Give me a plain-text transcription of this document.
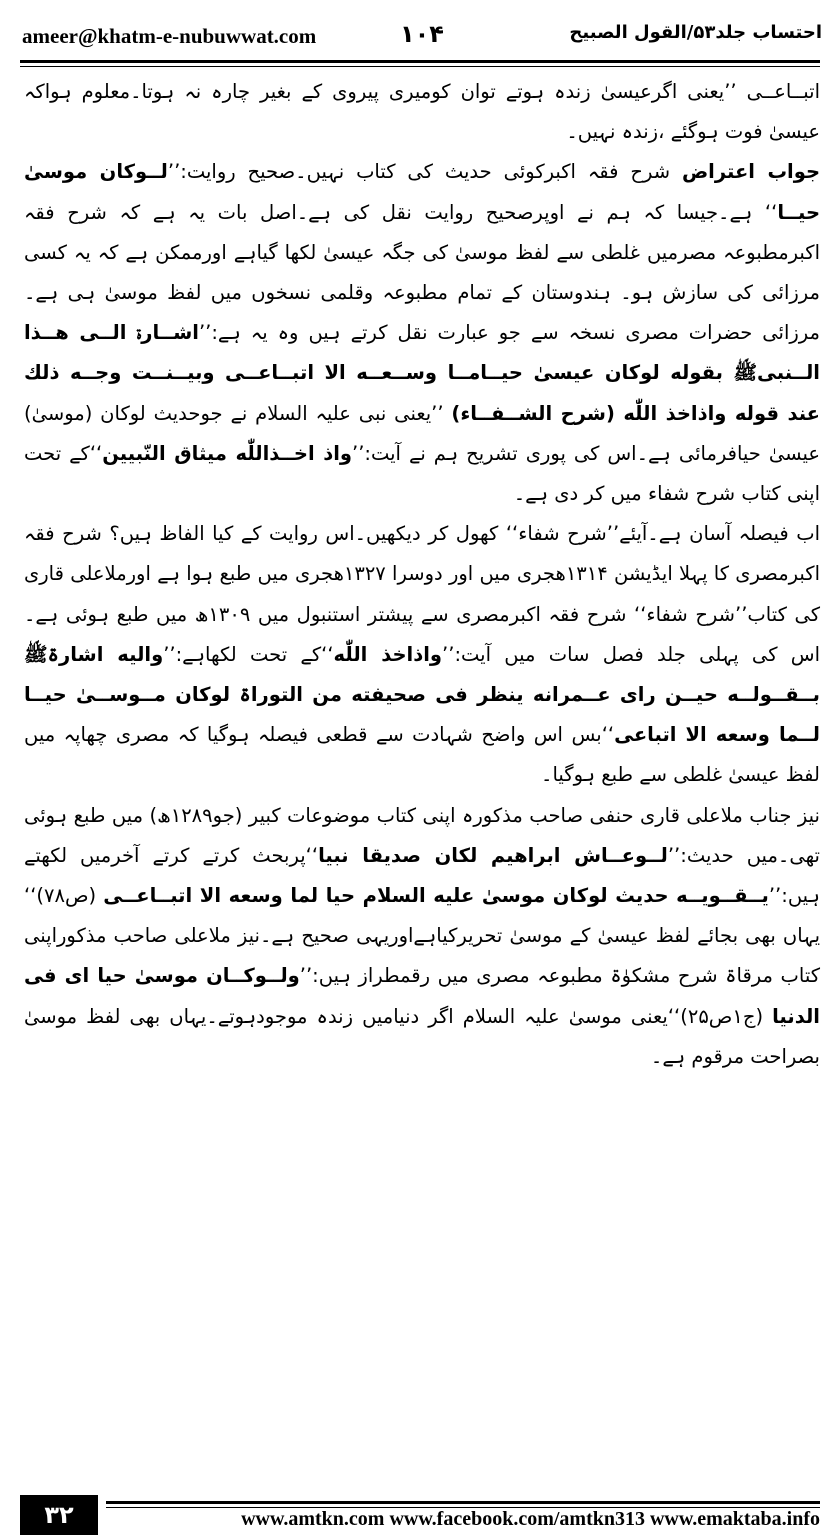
ameer@khatm-e-nubuwwat.com	۱۰۴	احتساب جلد۵۳/القول الصبیح

اتبــاعــی ’’یعنی اگرعیسیٰ زندہ ہوتے توان کومیری پیروی کے بغیر چارہ نہ ہوتا۔معلوم ہواکہ عیسیٰ فوت ہوگئے ،زندہ نہیں۔

جواب اعتراض شرح فقہ اکبرکوئی حدیث کی کتاب نہیں۔صحیح روایت:’’لــوکان موسیٰ حیــا‘‘ ہے۔جیسا کہ ہم نے اوپرصحیح روایت نقل کی ہے۔اصل بات یہ ہے کہ شرح فقہ اکبرمطبوعہ مصرمیں غلطی سے لفظ موسیٰ کی جگہ عیسیٰ لکھا گیاہے اورممکن ہے کہ یہ کسی مرزائی کی سازش ہو۔ ہندوستان کے تمام مطبوعہ وقلمی نسخوں میں لفظ موسیٰ ہی ہے۔مرزائی حضرات مصری نسخہ سے جو عبارت نقل کرتے ہیں وہ یہ ہے:’’اشــارۃ الــی هــذا الــنبیﷺ بقوله لوکان عیسیٰ حیــامــا وســعــه الا اتبــاعــی وبیــنــت وجــه ذلك عند قوله واذاخذ اللّٰه (شرح الشــفــاء) ’’یعنی نبی علیہ السلام نے جوحدیث لوکان (موسیٰ) عیسیٰ حیافرمائی ہے۔اس کی پوری تشریح ہم نے آیت:’’واذ اخــذاللّٰه میثاق النّبیین‘‘کے تحت اپنی کتاب شرح شفاء میں کر دی ہے۔

اب فیصلہ آسان ہے۔آیئے’’شرح شفاء‘‘ کھول کر دیکھیں۔اس روایت کے کیا الفاظ ہیں؟ شرح فقہ اکبرمصری کا پہلا ایڈیشن ۱۳۱۴ھجری میں اور دوسرا ۱۳۲۷ھجری میں طبع ہوا ہے اورملاعلی قاری کی کتاب’’شرح شفاء‘‘ شرح فقہ اکبرمصری سے پیشتر استنبول میں ۱۳۰۹ھ میں طبع ہوئی ہے۔اس کی پہلی جلد فصل سات میں آیت:’’واذاخذ اللّٰه‘‘کے تحت لکھاہے:’’والیه اشارۃﷺ بــقــولــه حیــن رای عــمرانه ینظر فی صحیفته من التوراۃ لوکان مــوســیٰ حیــا لــما وسعه الا اتباعی‘‘بس اس واضح شہادت سے قطعی فیصلہ ہوگیا کہ مصری چھاپہ میں لفظ عیسیٰ غلطی سے طبع ہوگیا۔

نیز جناب ملاعلی قاری حنفی صاحب مذکورہ اپنی کتاب موضوعات کبیر (جو۱۲۸۹ھ) میں طبع ہوئی تھی۔میں حدیث:’’لــوعــاش ابراهیم لکان صدیقا نبیا‘‘پربحث کرتے کرتے آخرمیں لکھتے ہیں:’’یــقــویــه حدیث لوکان موسیٰ علیه السلام حیا لما وسعه الا اتبــاعــی (ص۷۸)‘‘ یہاں بھی بجائے لفظ عیسیٰ کے موسیٰ تحریرکیاہےاوریہی صحیح ہے۔نیز ملاعلی صاحب مذکوراپنی کتاب مرقاۃ شرح مشکوٰۃ مطبوعہ مصری میں رقمطراز ہیں:’’ولــوکــان موسیٰ حیا ای فی الدنیا (ج۱ص۲۵)‘‘یعنی موسیٰ علیہ السلام اگر دنیامیں زندہ موجودہوتے۔یہاں بھی لفظ موسیٰ بصراحت مرقوم ہے۔

۳۲	www.amtkn.com www.facebook.com/amtkn313 www.emaktaba.info
